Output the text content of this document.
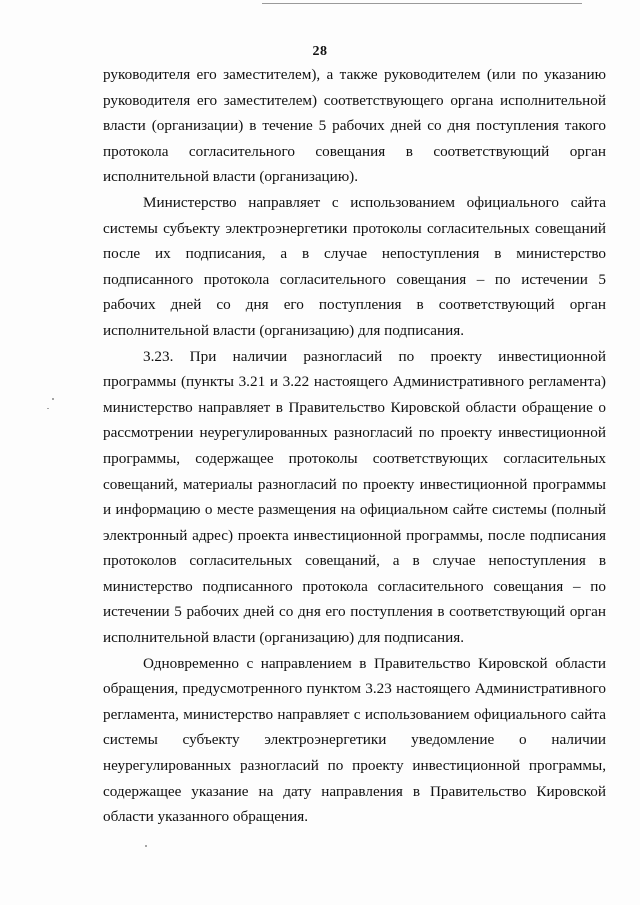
28

руководителя его заместителем), а также руководителем (или по указанию руководителя его заместителем) соответствующего органа исполнительной власти (организации) в течение 5 рабочих дней со дня поступления такого протокола согласительного совещания в соответствующий орган исполнительной власти (организацию).

Министерство направляет с использованием официального сайта системы субъекту электроэнергетики протоколы согласительных совещаний после их подписания, а в случае непоступления в министерство подписанного протокола согласительного совещания – по истечении 5 рабочих дней со дня его поступления в соответствующий орган исполнительной власти (организацию) для подписания.

3.23. При наличии разногласий по проекту инвестиционной программы (пункты 3.21 и 3.22 настоящего Административного регламента) министерство направляет в Правительство Кировской области обращение о рассмотрении неурегулированных разногласий по проекту инвестиционной программы, содержащее протоколы соответствующих согласительных совещаний, материалы разногласий по проекту инвестиционной программы и информацию о месте размещения на официальном сайте системы (полный электронный адрес) проекта инвестиционной программы, после подписания протоколов согласительных совещаний, а в случае непоступления в министерство подписанного протокола согласительного совещания – по истечении 5 рабочих дней со дня его поступления в соответствующий орган исполнительной власти (организацию) для подписания.

Одновременно с направлением в Правительство Кировской области обращения, предусмотренного пунктом 3.23 настоящего Административного регламента, министерство направляет с использованием официального сайта системы субъекту электроэнергетики уведомление о наличии неурегулированных разногласий по проекту инвестиционной программы, содержащее указание на дату направления в Правительство Кировской области указанного обращения.
